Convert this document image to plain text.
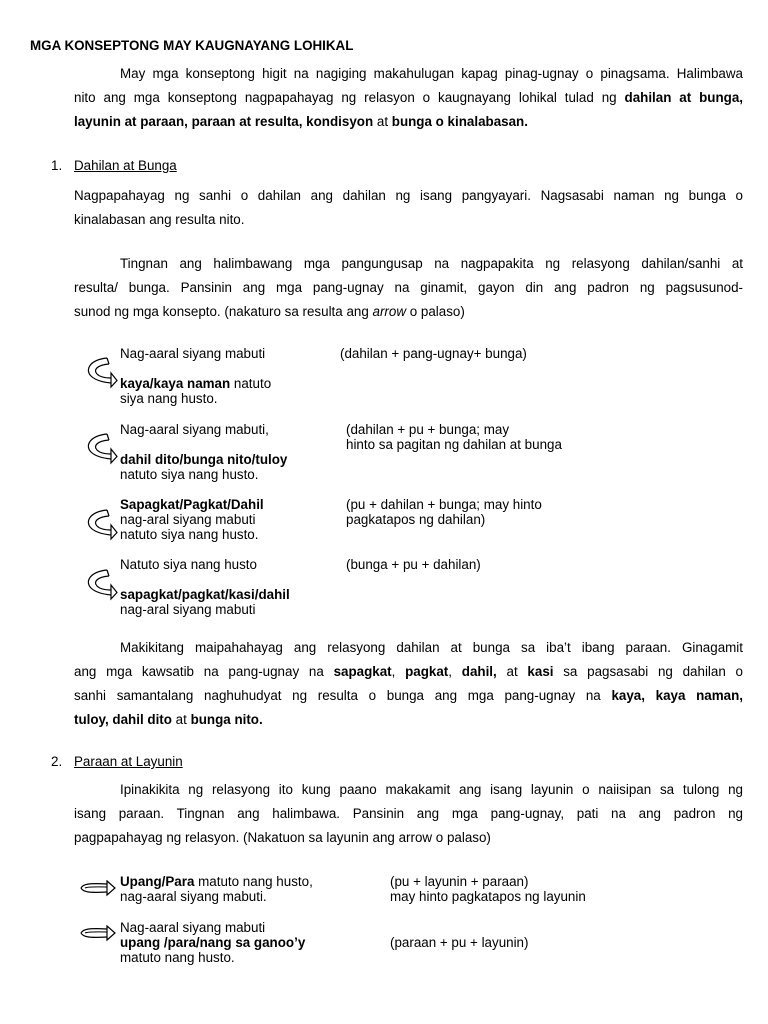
MGA KONSEPTONG MAY KAUGNAYANG LOHIKAL
May mga konseptong higit na nagiging makahulugan kapag pinag-ugnay o pinagsama. Halimbawa
nito ang mga konseptong nagpapahayag ng relasyon o kaugnayang lohikal tulad ng dahilan at bunga,
layunin at paraan, paraan at resulta, kondisyon at bunga o kinalabasan.
1. Dahilan at Bunga
Nagpapahayag ng sanhi o dahilan ang dahilan ng isang pangyayari. Nagsasabi naman ng bunga o
kinalabasan ang resulta nito.
Tingnan ang halimbawang mga pangungusap na nagpapakita ng relasyong dahilan/sanhi at
resulta/ bunga. Pansinin ang mga pang-ugnay na ginamit, gayon din ang padron ng pagsusunod-
sunod ng mga konsepto. (nakaturo sa resulta ang arrow o palaso)
Nag-aaral siyang mabuti
kaya/kaya naman natuto
siya nang husto.
(dahilan + pang-ugnay+ bunga)
Nag-aaral siyang mabuti,
dahil dito/bunga nito/tuloy
natuto siya nang husto.
(dahilan + pu + bunga; may
hinto sa pagitan ng dahilan at bunga
Sapagkat/Pagkat/Dahil
nag-aral siyang mabuti
natuto siya nang husto.
(pu + dahilan + bunga; may hinto
pagkatapos ng dahilan)
Natuto siya nang husto
sapagkat/pagkat/kasi/dahil
nag-aral siyang mabuti
(bunga + pu + dahilan)
Makikitang maipahahayag ang relasyong dahilan at bunga sa iba’t ibang paraan. Ginagamit
ang mga kawsatib na pang-ugnay na sapagkat, pagkat, dahil, at kasi sa pagsasabi ng dahilan o
sanhi samantalang naghuhudyat ng resulta o bunga ang mga pang-ugnay na kaya, kaya naman,
tuloy, dahil dito at bunga nito.
2. Paraan at Layunin
Ipinakikita ng relasyong ito kung paano makakamit ang isang layunin o naiisipan sa tulong ng
isang paraan. Tingnan ang halimbawa. Pansinin ang mga pang-ugnay, pati na ang padron ng
pagpapahayag ng relasyon. (Nakatuon sa layunin ang arrow o palaso)
Upang/Para matuto nang husto,
nag-aaral siyang mabuti.
(pu + layunin + paraan)
may hinto pagkatapos ng layunin
Nag-aaral siyang mabuti
upang /para/nang sa ganoo’y
matuto nang husto.
(paraan + pu + layunin)
